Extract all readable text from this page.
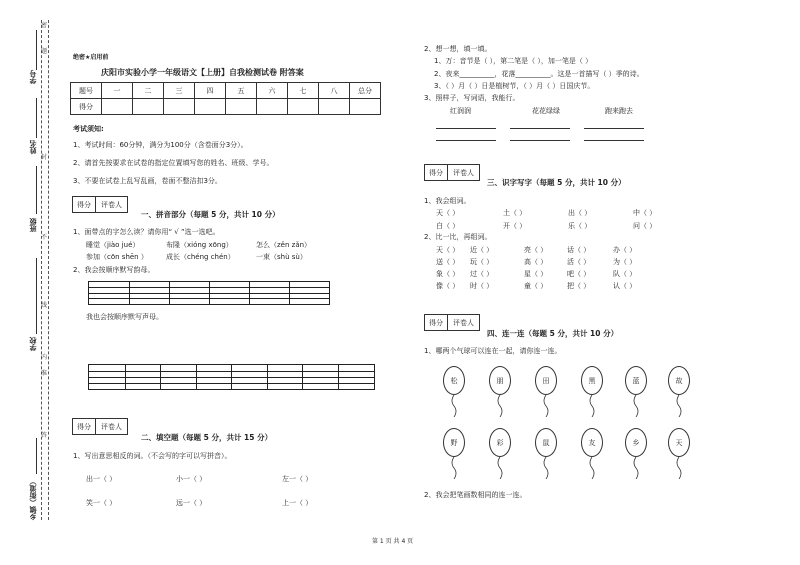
学号
姓名
班级
学校
乡镇（街道）
密
封
线
内
不
准
答
题
绝密★启用前
庆阳市实验小学一年级语文【上册】自我检测试卷 附答案
题号	一	二	三	四	五	六	七	八	总分
得分									
考试须知:
1、考试时间：60分钟，满分为100分（含卷面分3分）。
2、请首先按要求在试卷的指定位置填写您的姓名、班级、学号。
3、不要在试卷上乱写乱画，卷面不整洁扣3分。
得分	评卷人
一、拼音部分（每题 5 分，共计 10 分）
1、面带点的字怎么读？请你用“ √ ”选一选吧。
睡觉（jiào jué）	布隆（xióng xōng）	怎么（zěn zǎn）
参加（cōn shēn ）	成长（chéng chén）	一束（shù sù）
2、我会按顺序默写韵母。
我也会按顺序默写声母。
得分	评卷人
二、填空题（每题 5 分，共计 15 分）
1、写出意思相反的词。（不会写的字可以写拼音）。
出一（ ）	小一（ ）	左一（ ）
笑一（ ）	远一（ ）	上一（ ）
2、想一想，填一填。
1、万：音节是（ ），第二笔是（ ），加一笔是（ ）
2、夜来__________，花落__________。这是一首描写（ ）季的诗。
3、（ ）月（ ）日是植树节，（ ）月（ ）日国庆节。
3、照样子，写词语，我能行。
红润润	花花绿绿	跑来跑去
得分	评卷人
三、识字写字（每题 5 分，共计 10 分）
1、我会组词。
天（ ）	土（ ）	出（ ）	中（ ）
白（ ）	开（ ）	乐（ ）	问（ ）
2、比一比，再组词。
天（ ） 近（ ）	亮（ ）	话（ ）	办（ ）
送（ ） 玩（ ）	高（ ）	活（ ）	为（ ）
象（ ） 过（ ）	星（ ）	吧（ ）	队（ ）
像（ ） 时（ ）	童（ ）	把（ ）	认（ ）
得分	评卷人
四、连一连（每题 5 分，共计 10 分）
1、哪两个气球可以连在一起，请你连一连。
松	朋	田	黑	蓝	故
野	彩	鼠	友	乡	天
2、我会把笔画数相同的连一连。
第 1 页 共 4 页
